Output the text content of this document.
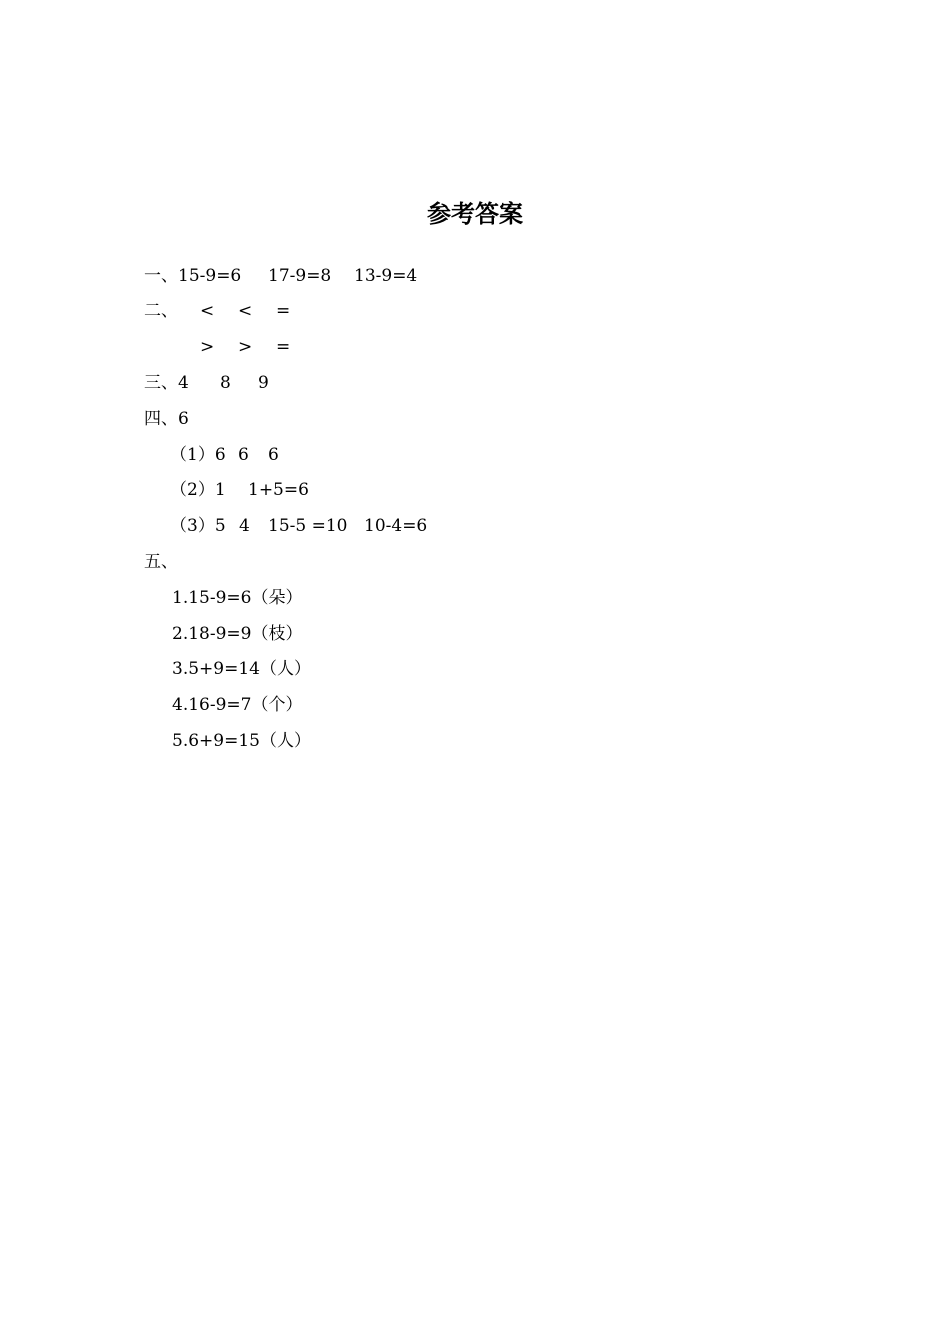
参考答案
一、15-9=6 17-9=8 13-9=4
二、 < < =
> > =
三、4 8 9
四、6
（1）6 6 6
（2）1 1+5=6
（3）5 4 15-5 =10 10-4=6
五、
1.15-9=6（朵）
2.18-9=9（枝）
3.5+9=14（人）
4.16-9=7（个）
5.6+9=15（人）
